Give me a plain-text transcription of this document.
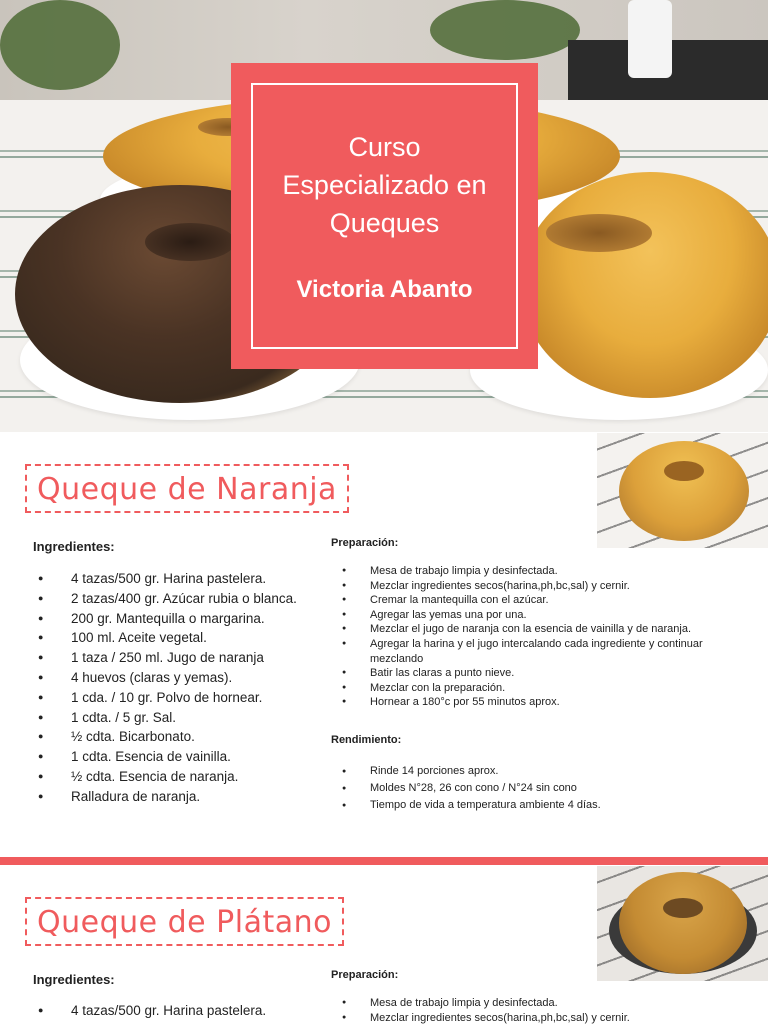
Curso Especializado en Queques
Victoria Abanto
Queque de Naranja
Ingredientes:
● 4 tazas/500 gr. Harina pastelera.
● 2 tazas/400 gr. Azúcar rubia o blanca.
● 200 gr. Mantequilla o margarina.
● 100 ml. Aceite vegetal.
● 1 taza / 250 ml. Jugo de naranja
● 4 huevos (claras y yemas).
● 1 cda. / 10 gr. Polvo de hornear.
● 1 cdta. / 5 gr. Sal.
● ½ cdta. Bicarbonato.
● 1 cdta. Esencia de vainilla.
● ½ cdta. Esencia de naranja.
● Ralladura de naranja.
Preparación:
● Mesa de trabajo limpia y desinfectada.
● Mezclar ingredientes secos(harina,ph,bc,sal) y cernir.
● Cremar la mantequilla con el azúcar.
● Agregar las yemas una por una.
● Mezclar el jugo de naranja con la esencia de vainilla y de naranja.
● Agregar la harina y el jugo intercalando cada ingrediente y continuar mezclando
● Batir las claras a punto nieve.
● Mezclar con la preparación.
● Hornear a 180°c por 55 minutos aprox.
Rendimiento:
● Rinde 14 porciones aprox.
● Moldes N°28, 26 con cono / N°24 sin cono
● Tiempo de vida a temperatura ambiente 4 días.
Queque de Plátano
Ingredientes:
● 4 tazas/500 gr. Harina pastelera.
Preparación:
● Mesa de trabajo limpia y desinfectada.
● Mezclar ingredientes secos(harina,ph,bc,sal) y cernir.
